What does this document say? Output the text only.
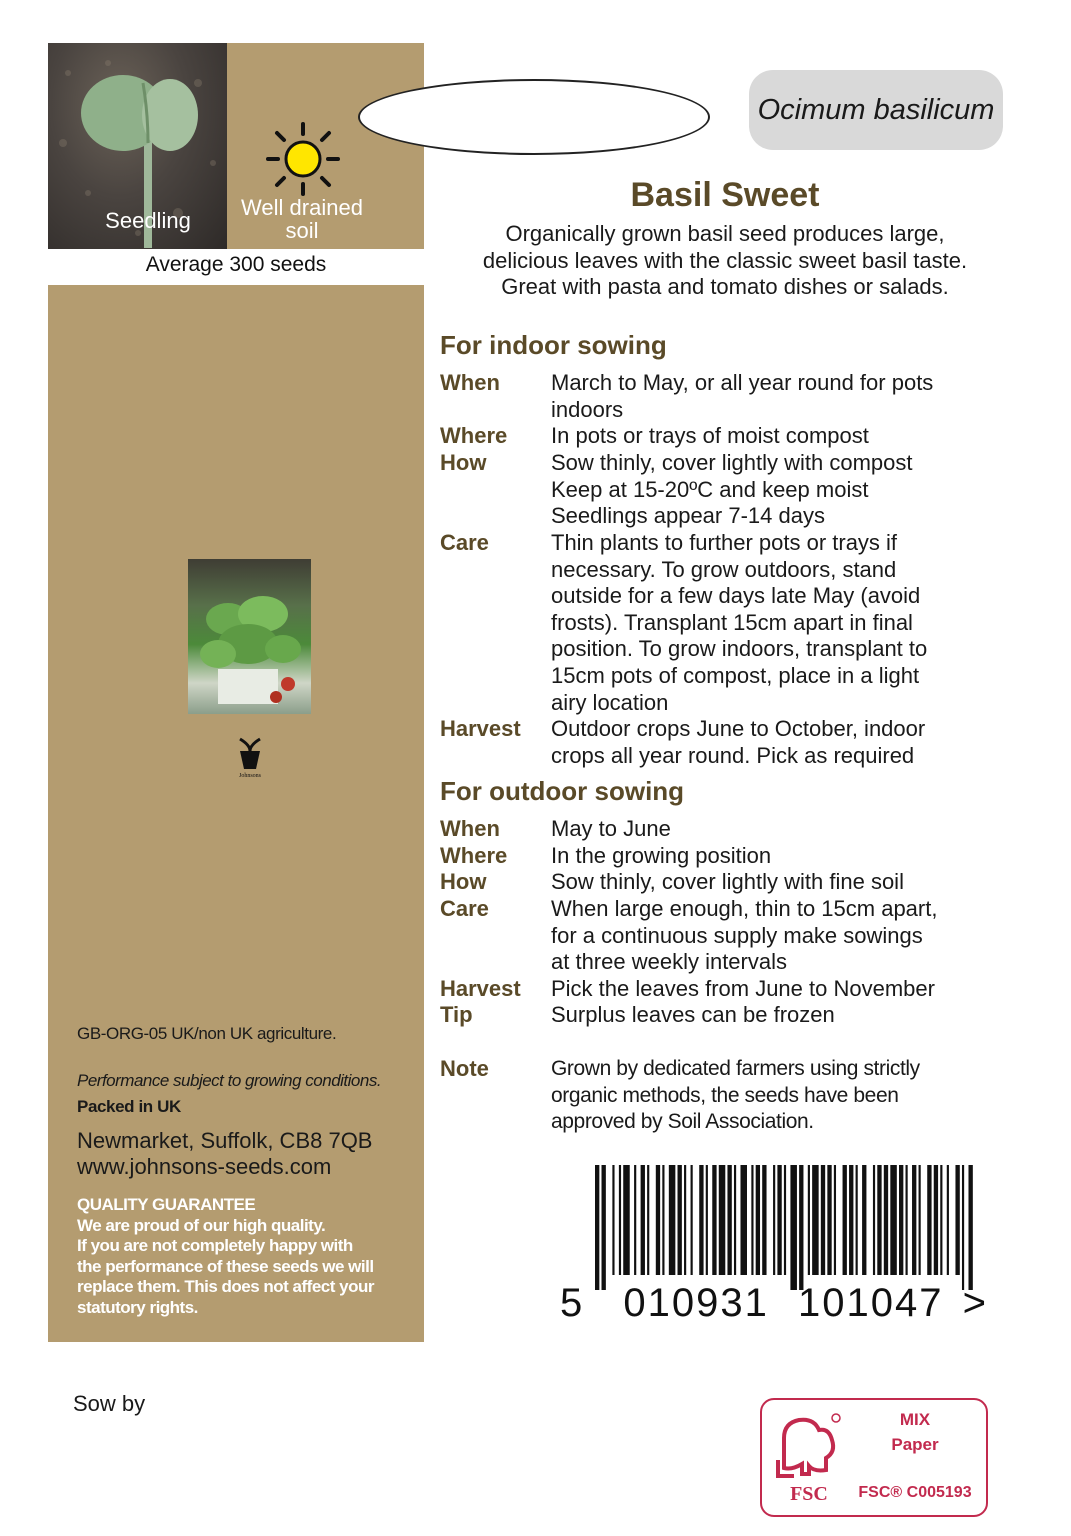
Seedling
Well drained
soil
Average 300 seeds
Johnsons
GB-ORG-05 UK/non UK agriculture.
Performance subject to growing conditions.
Packed in UK
Newmarket, Suffolk, CB8 7QB
www.johnsons-seeds.com
QUALITY GUARANTEE
We are proud of our high quality.
If you are not completely happy with
the performance of these seeds we will
replace them. This does not affect your
statutory rights.
Ocimum basilicum
Basil Sweet
Organically grown basil seed produces large,
delicious leaves with the classic sweet basil taste.
Great with pasta and tomato dishes or salads.
For indoor sowing
When	March to May, or all year round for pots
indoors
Where	In pots or trays of moist compost
How	Sow thinly, cover lightly with compost
Keep at 15-20ºC and keep moist
Seedlings appear 7-14 days
Care	Thin plants to further pots or trays if
necessary. To grow outdoors, stand
outside for a few days late May (avoid
frosts). Transplant 15cm apart in final
position. To grow indoors, transplant to
15cm pots of compost, place in a light
airy location
Harvest	Outdoor crops June to October, indoor
crops all year round. Pick as required
For outdoor sowing
When	May to June
Where	In the growing position
How	Sow thinly, cover lightly with fine soil
Care	When large enough, thin to 15cm apart,
for a continuous supply make sowings
at three weekly intervals
Harvest	Pick the leaves from June to November
Tip	Surplus leaves can be frozen
Note	Grown by dedicated farmers using strictly
organic methods, the seeds have been
approved by Soil Association.
5 010931 101047 >
Sow by
FSC
MIX
Paper
FSC® C005193
